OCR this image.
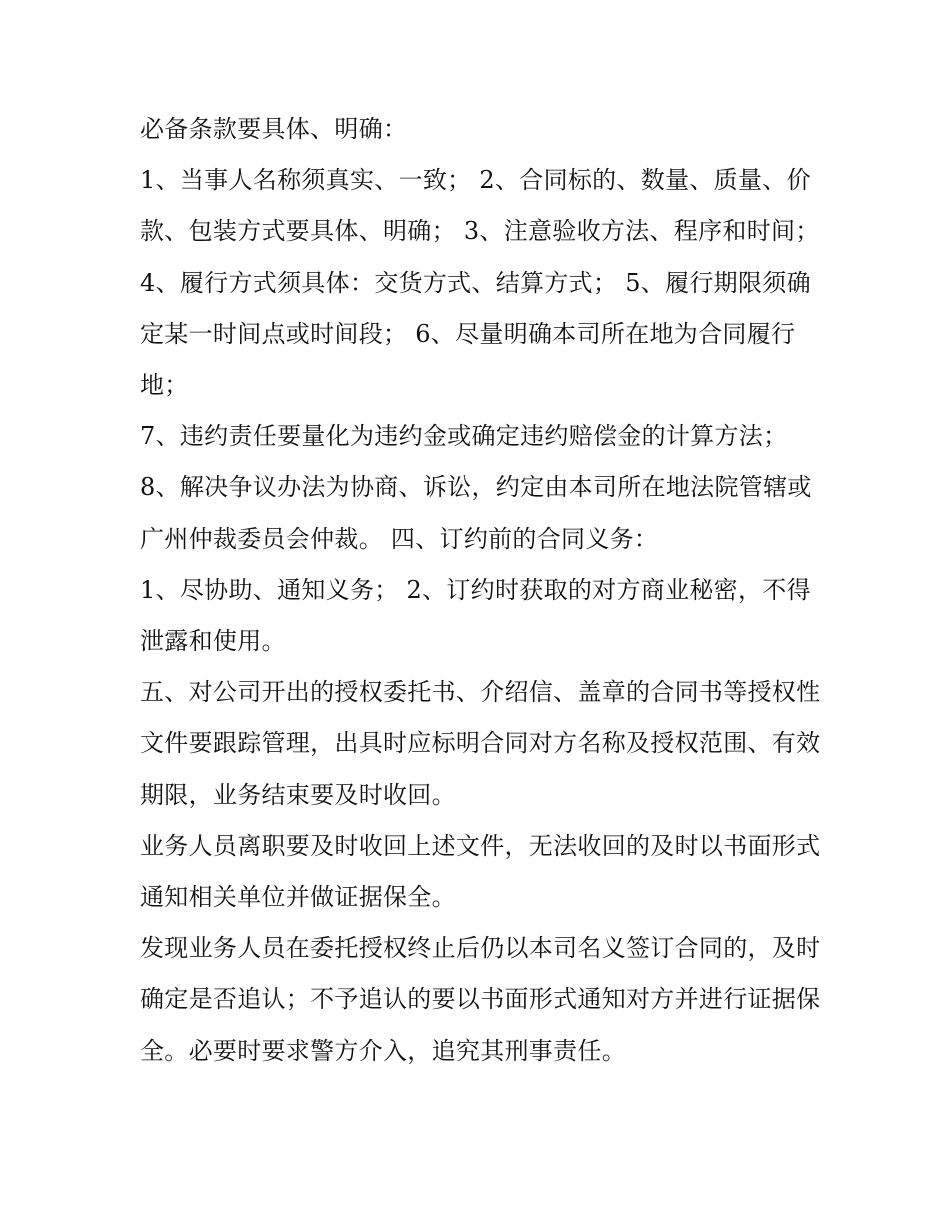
必备条款要具体、明确：

1、当事人名称须真实、一致； 2、合同标的、数量、质量、价款、包装方式要具体、明确； 3、注意验收方法、程序和时间；

4、履行方式须具体：交货方式、结算方式； 5、履行期限须确定某一时间点或时间段； 6、尽量明确本司所在地为合同履行地；

7、违约责任要量化为违约金或确定违约赔偿金的计算方法；

8、解决争议办法为协商、诉讼，约定由本司所在地法院管辖或广州仲裁委员会仲裁。 四、订约前的合同义务：

1、尽协助、通知义务； 2、订约时获取的对方商业秘密，不得泄露和使用。

五、对公司开出的授权委托书、介绍信、盖章的合同书等授权性文件要跟踪管理，出具时应标明合同对方名称及授权范围、有效期限，业务结束要及时收回。

业务人员离职要及时收回上述文件，无法收回的及时以书面形式通知相关单位并做证据保全。

发现业务人员在委托授权终止后仍以本司名义签订合同的，及时确定是否追认；不予追认的要以书面形式通知对方并进行证据保全。必要时要求警方介入，追究其刑事责任。
